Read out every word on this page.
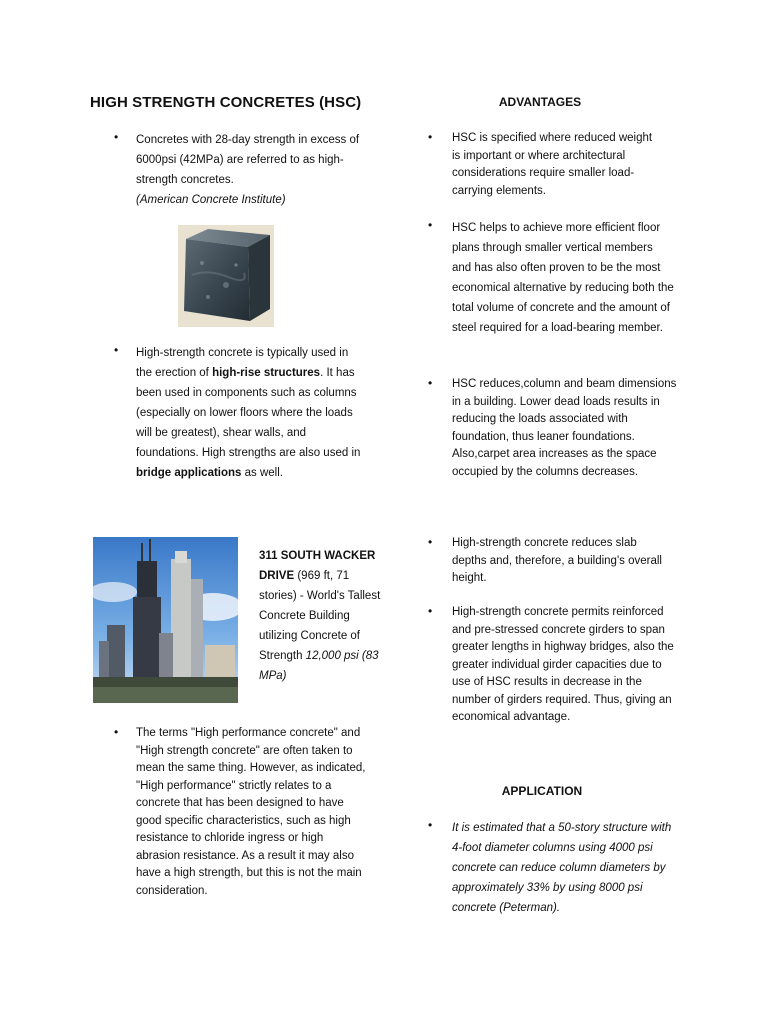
HIGH STRENGTH CONCRETES (HSC)
• Concretes with 28-day strength in excess of 6000psi (42MPa) are referred to as high-strength concretes.

(American Concrete Institute)

• High-strength concrete is typically used in the erection of high-rise structures. It has been used in components such as columns (especially on lower floors where the loads will be greatest), shear walls, and foundations. High strengths are also used in bridge applications as well.

311 SOUTH WACKER DRIVE (969 ft, 71 stories) - World's Tallest Concrete Building utilizing Concrete of Strength 12,000 psi (83 MPa)

• The terms "High performance concrete" and "High strength concrete" are often taken to mean the same thing. However, as indicated, "High performance" strictly relates to a concrete that has been designed to have good specific characteristics, such as high resistance to chloride ingress or high abrasion resistance. As a result it may also have a high strength, but this is not the main consideration.

ADVANTAGES
• HSC is specified where reduced weight is important or where architectural considerations require smaller load-carrying elements.

• HSC helps to achieve more efficient floor plans through smaller vertical members and has also often proven to be the most economical alternative by reducing both the total volume of concrete and the amount of steel required for a load-bearing member.

• HSC reduces,column and beam dimensions in a building. Lower dead loads results in reducing the loads associated with foundation, thus leaner foundations. Also,carpet area increases as the space occupied by the columns decreases.

• High-strength concrete reduces slab depths and, therefore, a building's overall height.

• High-strength concrete permits reinforced and pre-stressed concrete girders to span greater lengths in highway bridges, also the greater individual girder capacities due to use of HSC results in decrease in the number of girders required. Thus, giving an economical advantage.

APPLICATION
• It is estimated that a 50-story structure with 4-foot diameter columns using 4000 psi concrete can reduce column diameters by approximately 33% by using 8000 psi concrete (Peterman).
